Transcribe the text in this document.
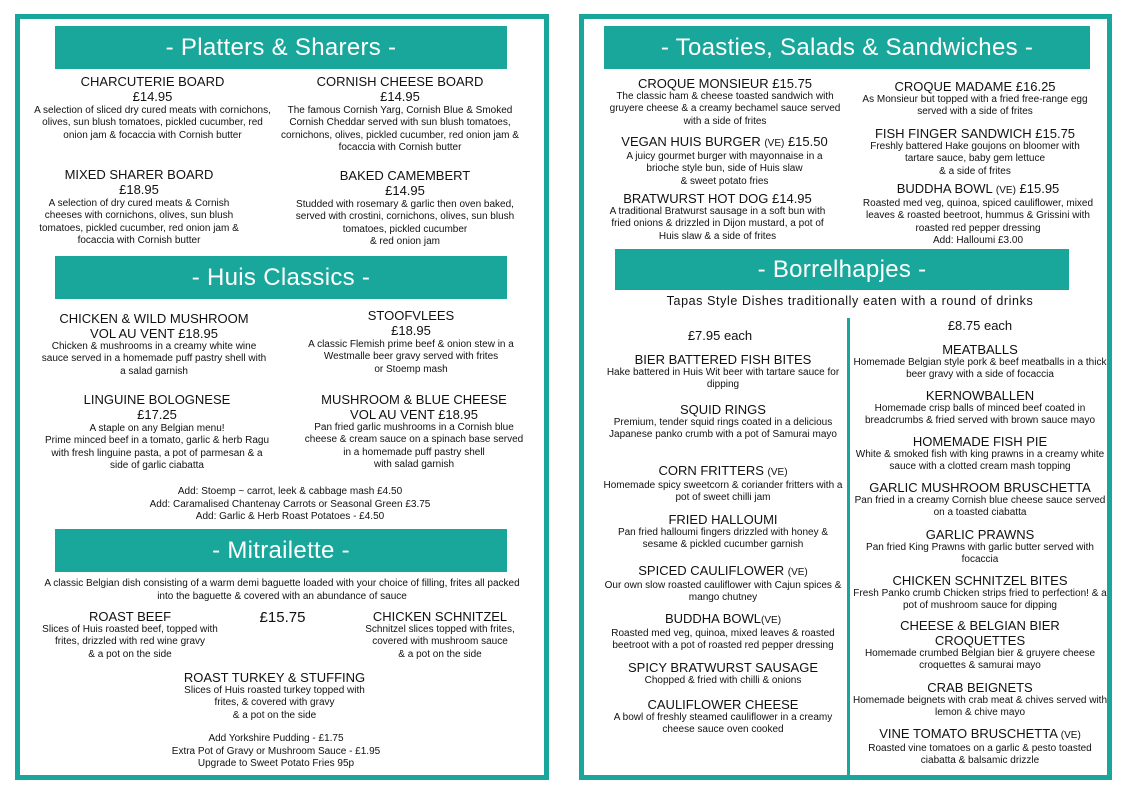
- Platters & Sharers -
CHARCUTERIE BOARD
£14.95
A selection of sliced dry cured meats with cornichons, olives, sun blush tomatoes, pickled cucumber, red onion jam & focaccia with Cornish butter
CORNISH CHEESE BOARD
£14.95
The famous Cornish Yarg, Cornish Blue & Smoked Cornish Cheddar served with sun blush tomatoes, cornichons, olives, pickled cucumber, red onion jam & focaccia with Cornish butter
MIXED SHARER BOARD
£18.95
A selection of dry cured meats & Cornish cheeses with cornichons, olives, sun blush tomatoes, pickled cucumber, red onion jam & focaccia with Cornish butter
BAKED CAMEMBERT
£14.95
Studded with rosemary & garlic then oven baked, served with crostini, cornichons, olives, sun blush tomatoes, pickled cucumber
& red onion jam
- Huis Classics -
CHICKEN & WILD MUSHROOM
VOL AU VENT £18.95
Chicken & mushrooms in a creamy white wine sauce served in a homemade puff pastry shell with a salad garnish
STOOFVLEES
£18.95
A classic Flemish prime beef & onion stew in a Westmalle beer gravy served with frites
or Stoemp mash
LINGUINE BOLOGNESE
£17.25
A staple on any Belgian menu!
Prime minced beef in a tomato, garlic & herb Ragu with fresh linguine pasta, a pot of parmesan & a side of garlic ciabatta
MUSHROOM & BLUE CHEESE
VOL AU VENT £18.95
Pan fried garlic mushrooms in a Cornish blue cheese & cream sauce on a spinach base served in a homemade puff pastry shell
with salad garnish
Add: Stoemp ~ carrot, leek & cabbage mash £4.50
Add: Caramalised Chantenay Carrots or Seasonal Green £3.75
Add: Garlic & Herb Roast Potatoes - £4.50
- Mitrailette -
A classic Belgian dish consisting of a warm demi baguette loaded with your choice of filling, frites all packed into the baguette & covered with an abundance of sauce
ROAST BEEF
Slices of Huis roasted beef, topped with frites, drizzled with red wine gravy
& a pot on the side
£15.75	CHICKEN SCHNITZEL
Schnitzel slices topped with frites, covered with mushroom sauce
& a pot on the side
ROAST TURKEY & STUFFING
Slices of Huis roasted turkey topped with frites, & covered with gravy
& a pot on the side
Add Yorkshire Pudding - £1.75
Extra Pot of Gravy or Mushroom Sauce - £1.95
Upgrade to Sweet Potato Fries 95p
- Toasties, Salads & Sandwiches -
CROQUE MONSIEUR £15.75
The classic ham & cheese toasted sandwich with gruyere cheese & a creamy bechamel sauce served with a side of frites
CROQUE MADAME £16.25
As Monsieur but topped with a fried free-range egg served with a side of frites
VEGAN HUIS BURGER (VE) £15.50
A juicy gourmet burger with mayonnaise in a brioche style bun, side of Huis slaw
& sweet potato fries
FISH FINGER SANDWICH £15.75
Freshly battered Hake goujons on bloomer with tartare sauce, baby gem lettuce
& a side of frites
BRATWURST HOT DOG £14.95
A traditional Bratwurst sausage in a soft bun with fried onions & drizzled in Dijon mustard, a pot of Huis slaw & a side of frites
BUDDHA BOWL (VE) £15.95
Roasted med veg, quinoa, spiced cauliflower, mixed leaves & roasted beetroot, hummus & Grissini with roasted red pepper dressing
Add: Halloumi £3.00
- Borrelhapjes -
Tapas Style Dishes traditionally eaten with a round of drinks
£7.95 each
£8.75 each
BIER BATTERED FISH BITES
Hake battered in Huis Wit beer with tartare sauce for dipping
SQUID RINGS
Premium, tender squid rings coated in a delicious Japanese panko crumb with a pot of Samurai mayo
CORN FRITTERS (VE)
Homemade spicy sweetcorn & coriander fritters with a pot of sweet chilli jam
FRIED HALLOUMI
Pan fried halloumi fingers drizzled with honey & sesame & pickled cucumber garnish
SPICED CAULIFLOWER (VE)
Our own slow roasted cauliflower with Cajun spices & mango chutney
BUDDHA BOWL(VE)
Roasted med veg, quinoa, mixed leaves & roasted beetroot with a pot of roasted red pepper dressing
SPICY BRATWURST SAUSAGE
Chopped & fried with chilli & onions
CAULIFLOWER CHEESE
A bowl of freshly steamed cauliflower in a creamy cheese sauce oven cooked
MEATBALLS
Homemade Belgian style pork & beef meatballs in a thick beer gravy with a side of focaccia
KERNOWBALLEN
Homemade crisp balls of minced beef coated in breadcrumbs & fried served with brown sauce mayo
HOMEMADE FISH PIE
White & smoked fish with king prawns in a creamy white sauce with a clotted cream mash topping
GARLIC MUSHROOM BRUSCHETTA
Pan fried in a creamy Cornish blue cheese sauce served on a toasted ciabatta
GARLIC PRAWNS
Pan fried King Prawns with garlic butter served with focaccia
CHICKEN SCHNITZEL BITES
Fresh Panko crumb Chicken strips fried to perfection! & a pot of mushroom sauce for dipping
CHEESE & BELGIAN BIER
CROQUETTES
Homemade crumbed Belgian bier & gruyere cheese croquettes & samurai mayo
CRAB BEIGNETS
Homemade beignets with crab meat & chives served with lemon & chive mayo
VINE TOMATO BRUSCHETTA (VE)
Roasted vine tomatoes on a garlic & pesto toasted ciabatta & balsamic drizzle
